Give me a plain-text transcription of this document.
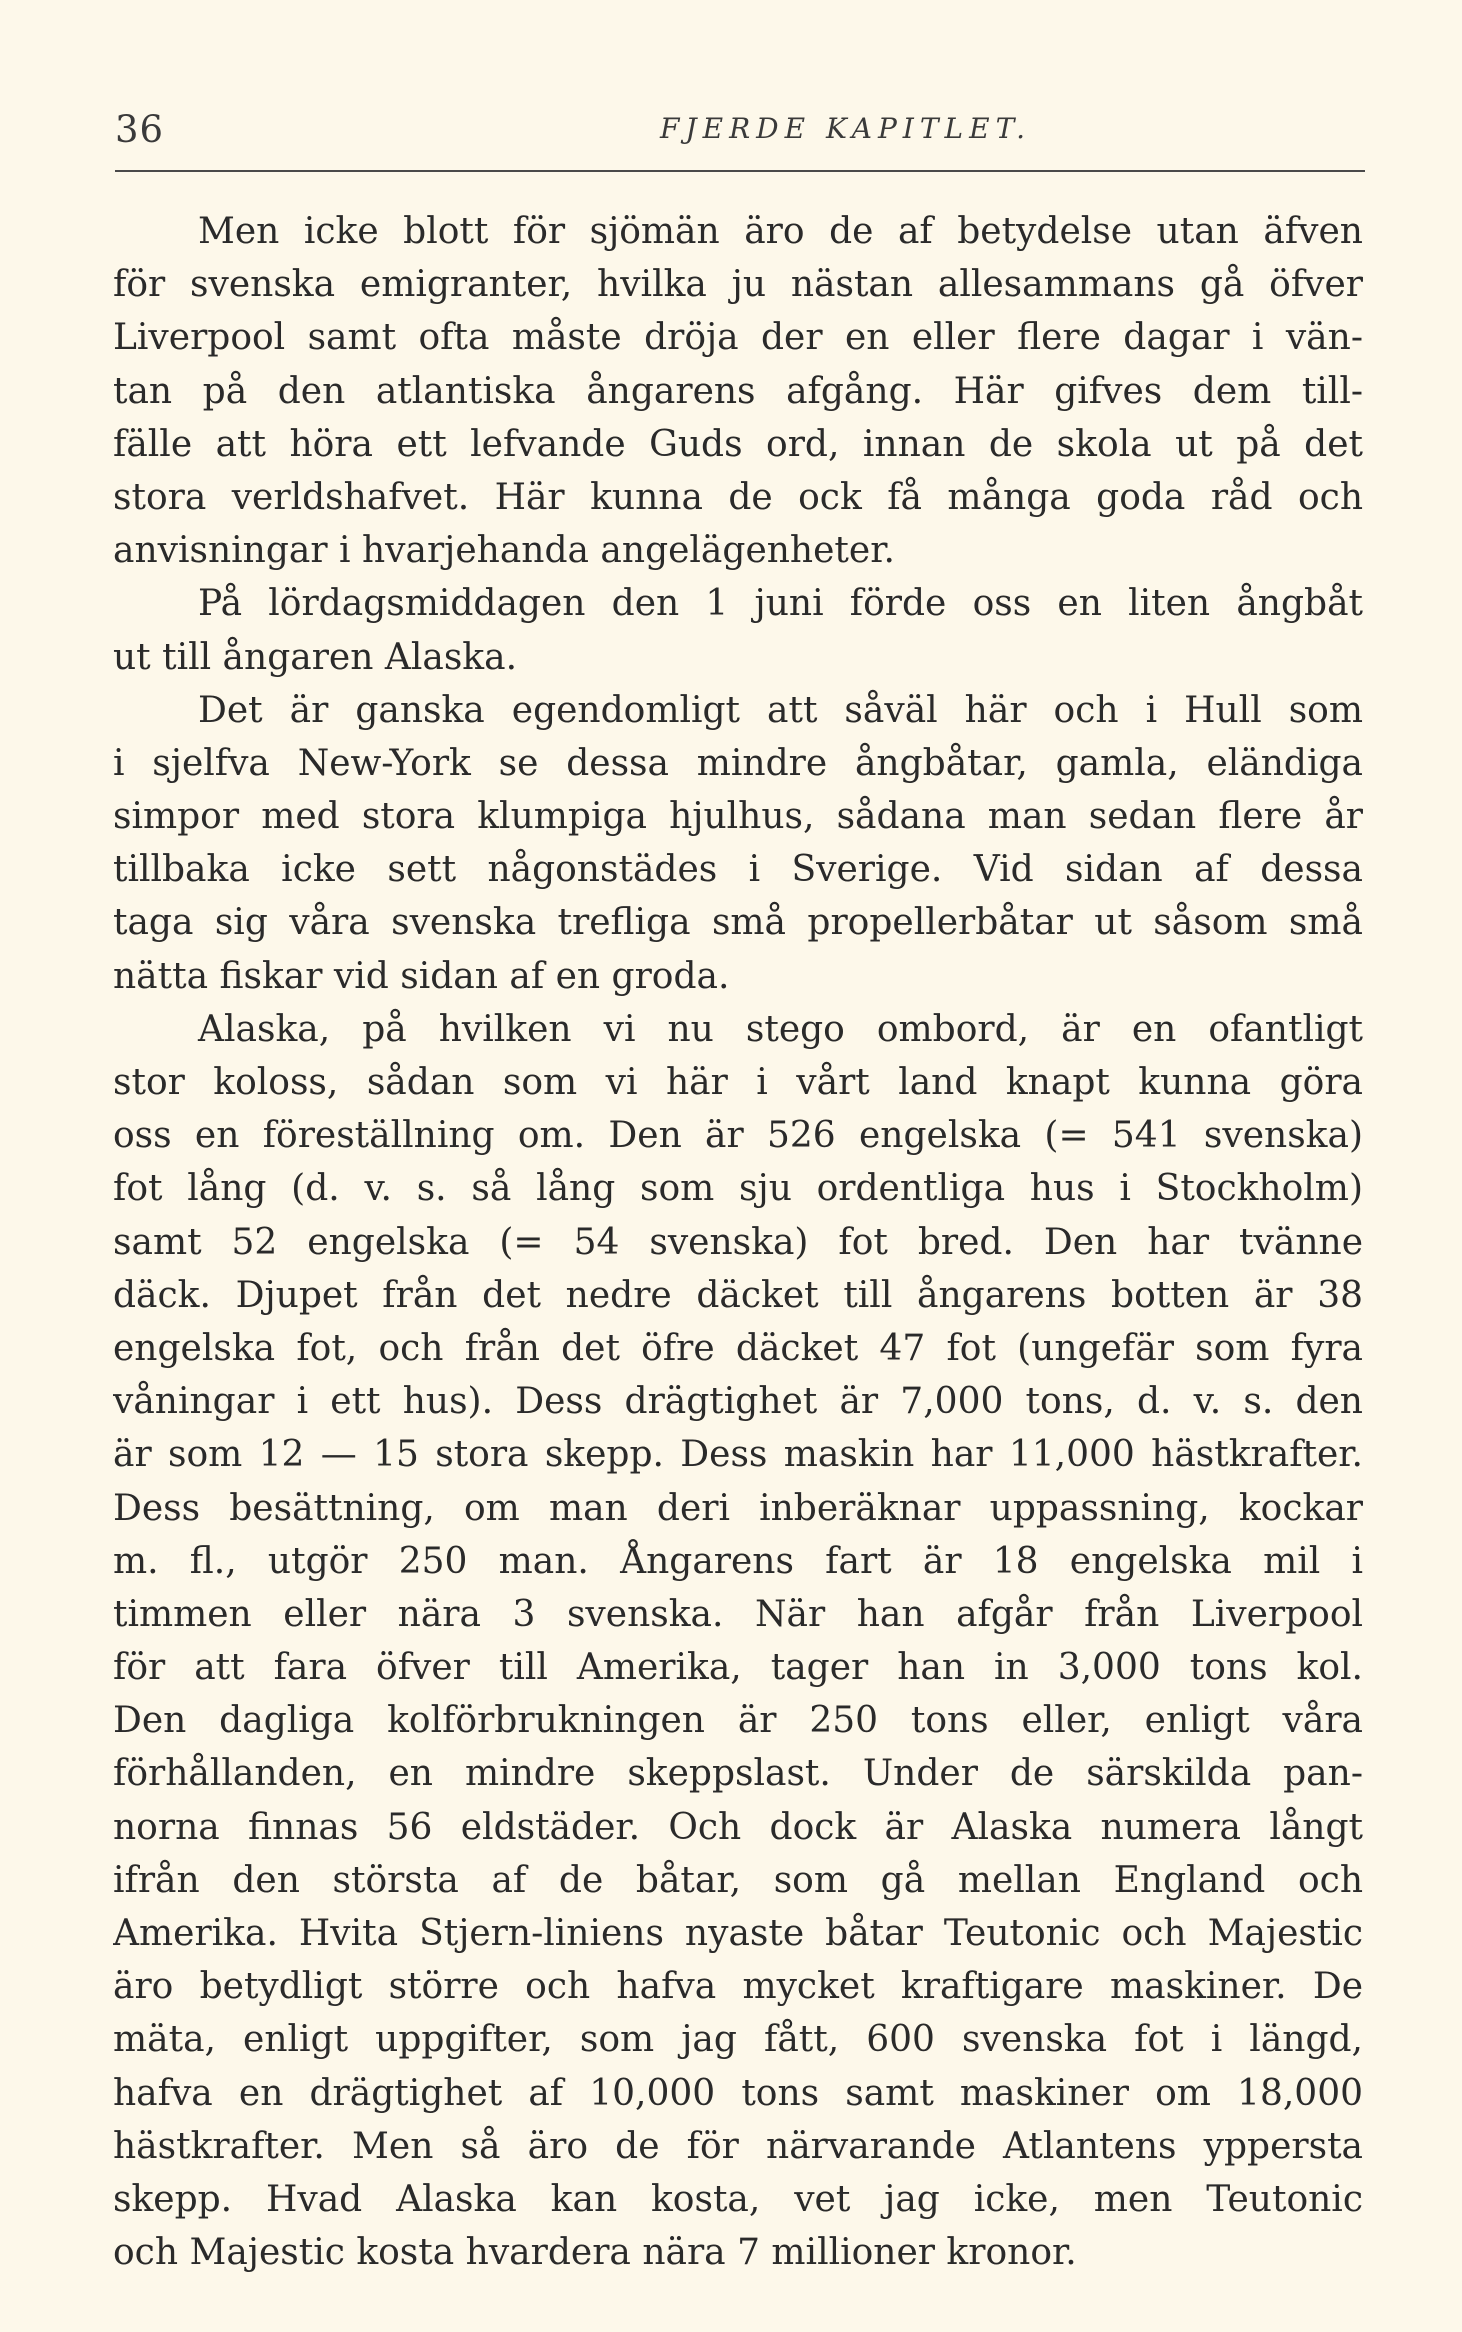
36	FJERDE KAPITLET.
Men icke blott för sjömän äro de af betydelse utan äfven
för svenska emigranter, hvilka ju nästan allesammans gå öfver
Liverpool samt ofta måste dröja der en eller flere dagar i vän-
tan på den atlantiska ångarens afgång. Här gifves dem till-
fälle att höra ett lefvande Guds ord, innan de skola ut på det
stora verldshafvet. Här kunna de ock få många goda råd och
anvisningar i hvarjehanda angelägenheter.
På lördagsmiddagen den 1 juni förde oss en liten ångbåt
ut till ångaren Alaska.
Det är ganska egendomligt att såväl här och i Hull som
i sjelfva New-York se dessa mindre ångbåtar, gamla, eländiga
simpor med stora klumpiga hjulhus, sådana man sedan flere år
tillbaka icke sett någonstädes i Sverige. Vid sidan af dessa
taga sig våra svenska trefliga små propellerbåtar ut såsom små
nätta fiskar vid sidan af en groda.
Alaska, på hvilken vi nu stego ombord, är en ofantligt
stor koloss, sådan som vi här i vårt land knapt kunna göra
oss en föreställning om. Den är 526 engelska (= 541 svenska)
fot lång (d. v. s. så lång som sju ordentliga hus i Stockholm)
samt 52 engelska (= 54 svenska) fot bred. Den har tvänne
däck. Djupet från det nedre däcket till ångarens botten är 38
engelska fot, och från det öfre däcket 47 fot (ungefär som fyra
våningar i ett hus). Dess drägtighet är 7,000 tons, d. v. s. den
är som 12 — 15 stora skepp. Dess maskin har 11,000 hästkrafter.
Dess besättning, om man deri inberäknar uppassning, kockar
m. fl., utgör 250 man. Ångarens fart är 18 engelska mil i
timmen eller nära 3 svenska. När han afgår från Liverpool
för att fara öfver till Amerika, tager han in 3,000 tons kol.
Den dagliga kolförbrukningen är 250 tons eller, enligt våra
förhållanden, en mindre skeppslast. Under de särskilda pan-
norna finnas 56 eldstäder. Och dock är Alaska numera långt
ifrån den största af de båtar, som gå mellan England och
Amerika. Hvita Stjern-liniens nyaste båtar Teutonic och Majestic
äro betydligt större och hafva mycket kraftigare maskiner. De
mäta, enligt uppgifter, som jag fått, 600 svenska fot i längd,
hafva en drägtighet af 10,000 tons samt maskiner om 18,000
hästkrafter. Men så äro de för närvarande Atlantens yppersta
skepp. Hvad Alaska kan kosta, vet jag icke, men Teutonic
och Majestic kosta hvardera nära 7 millioner kronor.
